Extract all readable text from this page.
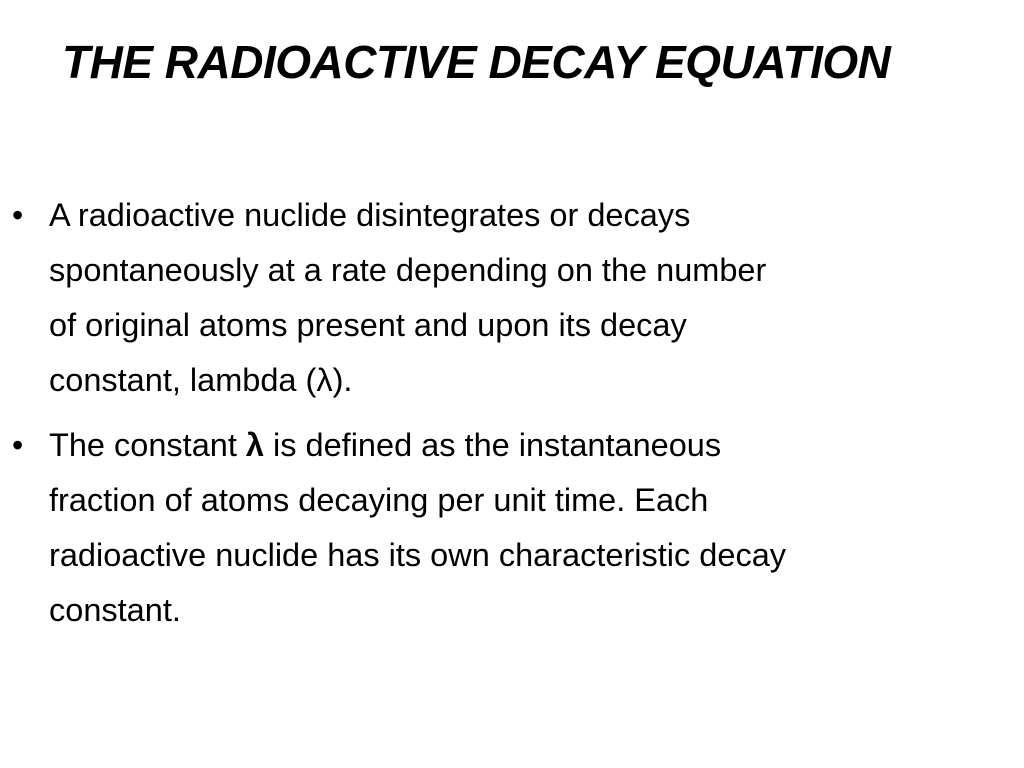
THE RADIOACTIVE DECAY EQUATION
• A radioactive nuclide disintegrates or decays
spontaneously at a rate depending on the number
of original atoms present and upon its decay
constant, lambda (λ).
• The constant λ is defined as the instantaneous
fraction of atoms decaying per unit time. Each
radioactive nuclide has its own characteristic decay
constant.
